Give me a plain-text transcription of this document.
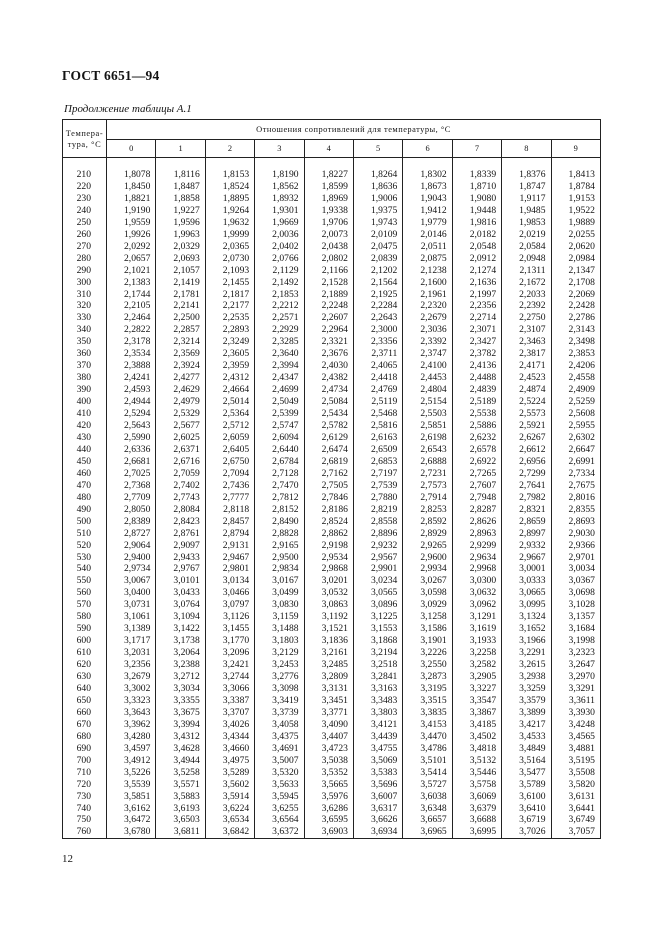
ГОСТ 6651—94
Продолжение таблицы А.1
Темпера-тура, °С	Отношения сопротивлений для температуры, °С									
	0	1	2	3	4	5	6	7	8	9

210	1,8078	1,8116	1,8153	1,8190	1,8227	1,8264	1,8302	1,8339	1,8376	1,8413
220	1,8450	1,8487	1,8524	1,8562	1,8599	1,8636	1,8673	1,8710	1,8747	1,8784
230	1,8821	1,8858	1,8895	1,8932	1,8969	1,9006	1,9043	1,9080	1,9117	1,9153
240	1,9190	1,9227	1,9264	1,9301	1,9338	1,9375	1,9412	1,9448	1,9485	1,9522
250	1,9559	1,9596	1,9632	1,9669	1,9706	1,9743	1,9779	1,9816	1,9853	1,9889
260	1,9926	1,9963	1,9999	2,0036	2,0073	2,0109	2,0146	2,0182	2,0219	2,0255
270	2,0292	2,0329	2,0365	2,0402	2,0438	2,0475	2,0511	2,0548	2,0584	2,0620
280	2,0657	2,0693	2,0730	2,0766	2,0802	2,0839	2,0875	2,0912	2,0948	2,0984
290	2,1021	2,1057	2,1093	2,1129	2,1166	2,1202	2,1238	2,1274	2,1311	2,1347
300	2,1383	2,1419	2,1455	2,1492	2,1528	2,1564	2,1600	2,1636	2,1672	2,1708
310	2,1744	2,1781	2,1817	2,1853	2,1889	2,1925	2,1961	2,1997	2,2033	2,2069
320	2,2105	2,2141	2,2177	2,2212	2,2248	2,2284	2,2320	2,2356	2,2392	2,2428
330	2,2464	2,2500	2,2535	2,2571	2,2607	2,2643	2,2679	2,2714	2,2750	2,2786
340	2,2822	2,2857	2,2893	2,2929	2,2964	2,3000	2,3036	2,3071	2,3107	2,3143
350	2,3178	2,3214	2,3249	2,3285	2,3321	2,3356	2,3392	2,3427	2,3463	2,3498
360	2,3534	2,3569	2,3605	2,3640	2,3676	2,3711	2,3747	2,3782	2,3817	2,3853
370	2,3888	2,3924	2,3959	2,3994	2,4030	2,4065	2,4100	2,4136	2,4171	2,4206
380	2,4241	2,4277	2,4312	2,4347	2,4382	2,4418	2,4453	2,4488	2,4523	2,4558
390	2,4593	2,4629	2,4664	2,4699	2,4734	2,4769	2,4804	2,4839	2,4874	2,4909
400	2,4944	2,4979	2,5014	2,5049	2,5084	2,5119	2,5154	2,5189	2,5224	2,5259
410	2,5294	2,5329	2,5364	2,5399	2,5434	2,5468	2,5503	2,5538	2,5573	2,5608
420	2,5643	2,5677	2,5712	2,5747	2,5782	2,5816	2,5851	2,5886	2,5921	2,5955
430	2,5990	2,6025	2,6059	2,6094	2,6129	2,6163	2,6198	2,6232	2,6267	2,6302
440	2,6336	2,6371	2,6405	2,6440	2,6474	2,6509	2,6543	2,6578	2,6612	2,6647
450	2,6681	2,6716	2,6750	2,6784	2,6819	2,6853	2,6888	2,6922	2,6956	2,6991
460	2,7025	2,7059	2,7094	2,7128	2,7162	2,7197	2,7231	2,7265	2,7299	2,7334
470	2,7368	2,7402	2,7436	2,7470	2,7505	2,7539	2,7573	2,7607	2,7641	2,7675
480	2,7709	2,7743	2,7777	2,7812	2,7846	2,7880	2,7914	2,7948	2,7982	2,8016
490	2,8050	2,8084	2,8118	2,8152	2,8186	2,8219	2,8253	2,8287	2,8321	2,8355
500	2,8389	2,8423	2,8457	2,8490	2,8524	2,8558	2,8592	2,8626	2,8659	2,8693
510	2,8727	2,8761	2,8794	2,8828	2,8862	2,8896	2,8929	2,8963	2,8997	2,9030
520	2,9064	2,9097	2,9131	2,9165	2,9198	2,9232	2,9265	2,9299	2,9332	2,9366
530	2,9400	2,9433	2,9467	2,9500	2,9534	2,9567	2,9600	2,9634	2,9667	2,9701
540	2,9734	2,9767	2,9801	2,9834	2,9868	2,9901	2,9934	2,9968	3,0001	3,0034
550	3,0067	3,0101	3,0134	3,0167	3,0201	3,0234	3,0267	3,0300	3,0333	3,0367
560	3,0400	3,0433	3,0466	3,0499	3,0532	3,0565	3,0598	3,0632	3,0665	3,0698
570	3,0731	3,0764	3,0797	3,0830	3,0863	3,0896	3,0929	3,0962	3,0995	3,1028
580	3,1061	3,1094	3,1126	3,1159	3,1192	3,1225	3,1258	3,1291	3,1324	3,1357
590	3,1389	3,1422	3,1455	3,1488	3,1521	3,1553	3,1586	3,1619	3,1652	3,1684
600	3,1717	3,1738	3,1770	3,1803	3,1836	3,1868	3,1901	3,1933	3,1966	3,1998
610	3,2031	3,2064	3,2096	3,2129	3,2161	3,2194	3,2226	3,2258	3,2291	3,2323
620	3,2356	3,2388	3,2421	3,2453	3,2485	3,2518	3,2550	3,2582	3,2615	3,2647
630	3,2679	3,2712	3,2744	3,2776	3,2809	3,2841	3,2873	3,2905	3,2938	3,2970
640	3,3002	3,3034	3,3066	3,3098	3,3131	3,3163	3,3195	3,3227	3,3259	3,3291
650	3,3323	3,3355	3,3387	3,3419	3,3451	3,3483	3,3515	3,3547	3,3579	3,3611
660	3,3643	3,3675	3,3707	3,3739	3,3771	3,3803	3,3835	3,3867	3,3899	3,3930
670	3,3962	3,3994	3,4026	3,4058	3,4090	3,4121	3,4153	3,4185	3,4217	3,4248
680	3,4280	3,4312	3,4344	3,4375	3,4407	3,4439	3,4470	3,4502	3,4533	3,4565
690	3,4597	3,4628	3,4660	3,4691	3,4723	3,4755	3,4786	3,4818	3,4849	3,4881
700	3,4912	3,4944	3,4975	3,5007	3,5038	3,5069	3,5101	3,5132	3,5164	3,5195
710	3,5226	3,5258	3,5289	3,5320	3,5352	3,5383	3,5414	3,5446	3,5477	3,5508
720	3,5539	3,5571	3,5602	3,5633	3,5665	3,5696	3,5727	3,5758	3,5789	3,5820
730	3,5851	3,5883	3,5914	3,5945	3,5976	3,6007	3,6038	3,6069	3,6100	3,6131
740	3,6162	3,6193	3,6224	3,6255	3,6286	3,6317	3,6348	3,6379	3,6410	3,6441
750	3,6472	3,6503	3,6534	3,6564	3,6595	3,6626	3,6657	3,6688	3,6719	3,6749
760	3,6780	3,6811	3,6842	3,6372	3,6903	3,6934	3,6965	3,6995	3,7026	3,7057
12
